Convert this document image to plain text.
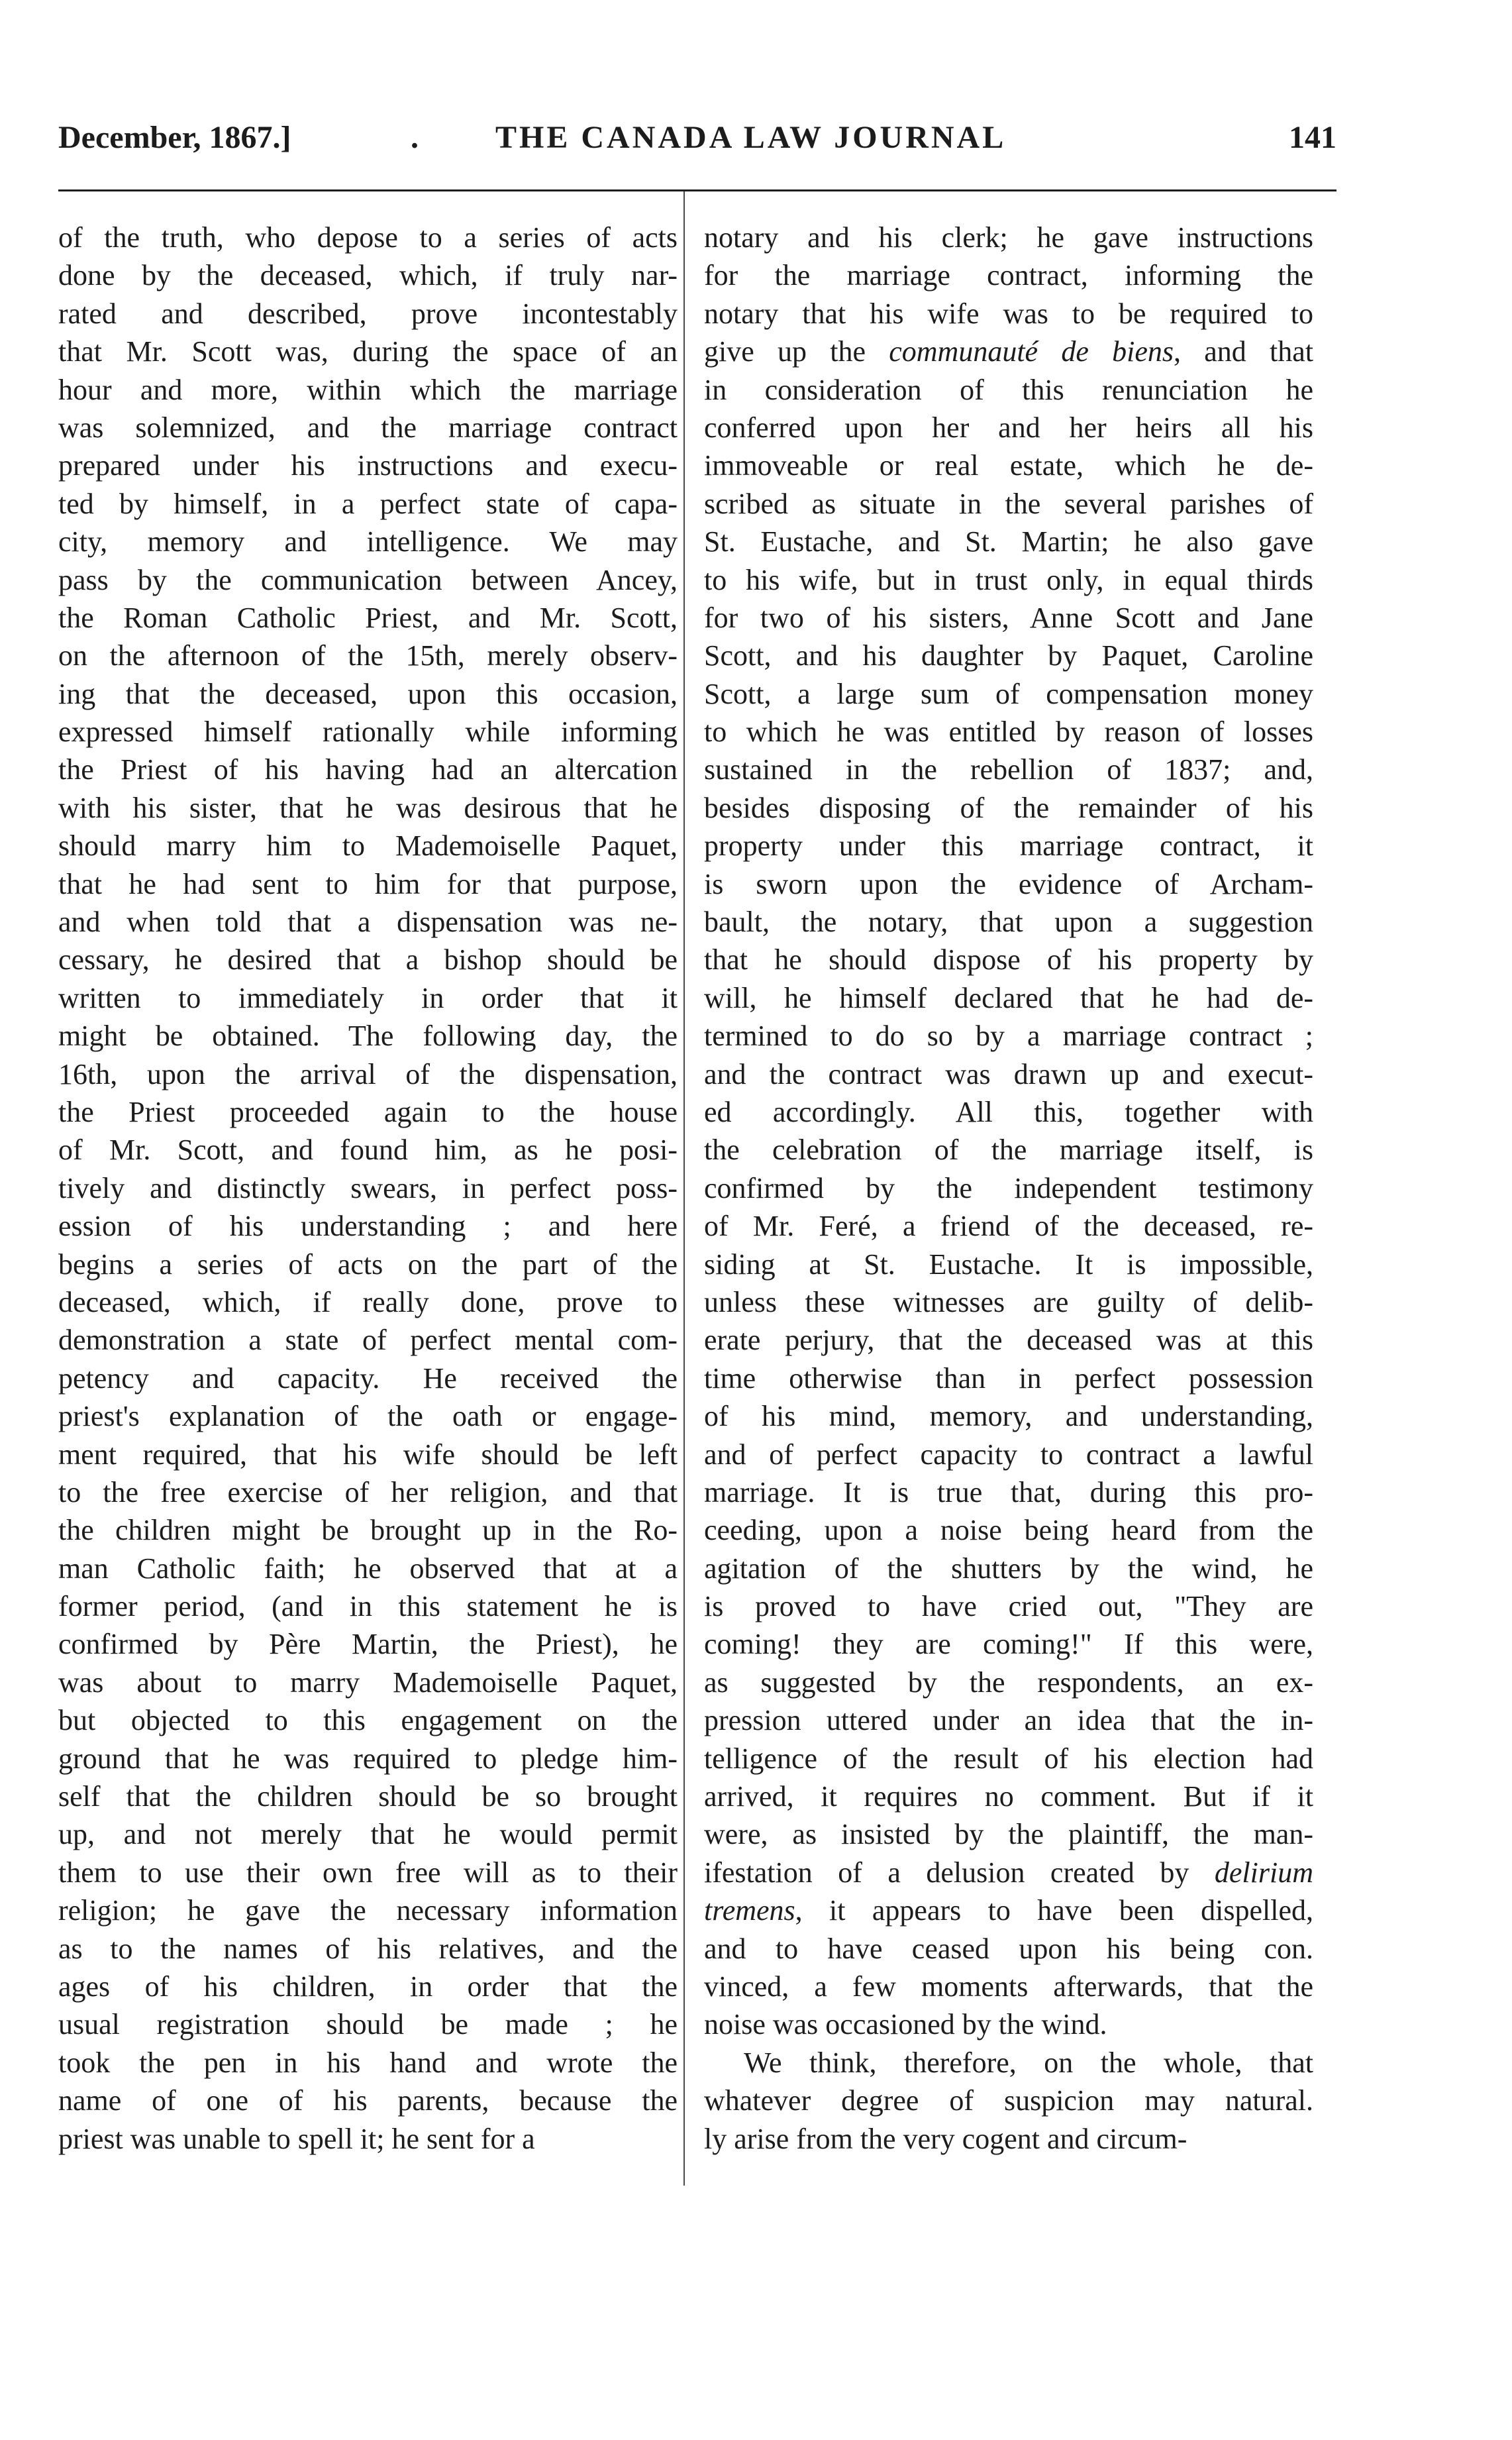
December, 1867.]	. THE CANADA LAW JOURNAL	141
of the truth, who depose to a series of acts
done by the deceased, which, if truly nar-
rated and described, prove incontestably
that Mr. Scott was, during the space of an
hour and more, within which the marriage
was solemnized, and the marriage contract
prepared under his instructions and execu-
ted by himself, in a perfect state of capa-
city, memory and intelligence. We may
pass by the communication between Ancey,
the Roman Catholic Priest, and Mr. Scott,
on the afternoon of the 15th, merely observ-
ing that the deceased, upon this occasion,
expressed himself rationally while informing
the Priest of his having had an altercation
with his sister, that he was desirous that he
should marry him to Mademoiselle Paquet,
that he had sent to him for that purpose,
and when told that a dispensation was ne-
cessary, he desired that a bishop should be
written to immediately in order that it
might be obtained. The following day, the
16th, upon the arrival of the dispensation,
the Priest proceeded again to the house
of Mr. Scott, and found him, as he posi-
tively and distinctly swears, in perfect poss-
ession of his understanding ; and here
begins a series of acts on the part of the
deceased, which, if really done, prove to
demonstration a state of perfect mental com-
petency and capacity. He received the
priest's explanation of the oath or engage-
ment required, that his wife should be left
to the free exercise of her religion, and that
the children might be brought up in the Ro-
man Catholic faith; he observed that at a
former period, (and in this statement he is
confirmed by Père Martin, the Priest), he
was about to marry Mademoiselle Paquet,
but objected to this engagement on the
ground that he was required to pledge him-
self that the children should be so brought
up, and not merely that he would permit
them to use their own free will as to their
religion; he gave the necessary information
as to the names of his relatives, and the
ages of his children, in order that the
usual registration should be made ; he
took the pen in his hand and wrote the
name of one of his parents, because the
priest was unable to spell it; he sent for a
notary and his clerk; he gave instructions
for the marriage contract, informing the
notary that his wife was to be required to
give up the communauté de biens, and that
in consideration of this renunciation he
conferred upon her and her heirs all his
immoveable or real estate, which he de-
scribed as situate in the several parishes of
St. Eustache, and St. Martin; he also gave
to his wife, but in trust only, in equal thirds
for two of his sisters, Anne Scott and Jane
Scott, and his daughter by Paquet, Caroline
Scott, a large sum of compensation money
to which he was entitled by reason of losses
sustained in the rebellion of 1837; and,
besides disposing of the remainder of his
property under this marriage contract, it
is sworn upon the evidence of Archam-
bault, the notary, that upon a suggestion
that he should dispose of his property by
will, he himself declared that he had de-
termined to do so by a marriage contract ;
and the contract was drawn up and execut-
ed accordingly. All this, together with
the celebration of the marriage itself, is
confirmed by the independent testimony
of Mr. Feré, a friend of the deceased, re-
siding at St. Eustache. It is impossible,
unless these witnesses are guilty of delib-
erate perjury, that the deceased was at this
time otherwise than in perfect possession
of his mind, memory, and understanding,
and of perfect capacity to contract a lawful
marriage. It is true that, during this pro-
ceeding, upon a noise being heard from the
agitation of the shutters by the wind, he
is proved to have cried out, "They are
coming! they are coming!" If this were,
as suggested by the respondents, an ex-
pression uttered under an idea that the in-
telligence of the result of his election had
arrived, it requires no comment. But if it
were, as insisted by the plaintiff, the man-
ifestation of a delusion created by delirium
tremens, it appears to have been dispelled,
and to have ceased upon his being con.
vinced, a few moments afterwards, that the
noise was occasioned by the wind.
We think, therefore, on the whole, that
whatever degree of suspicion may natural.
ly arise from the very cogent and circum-
